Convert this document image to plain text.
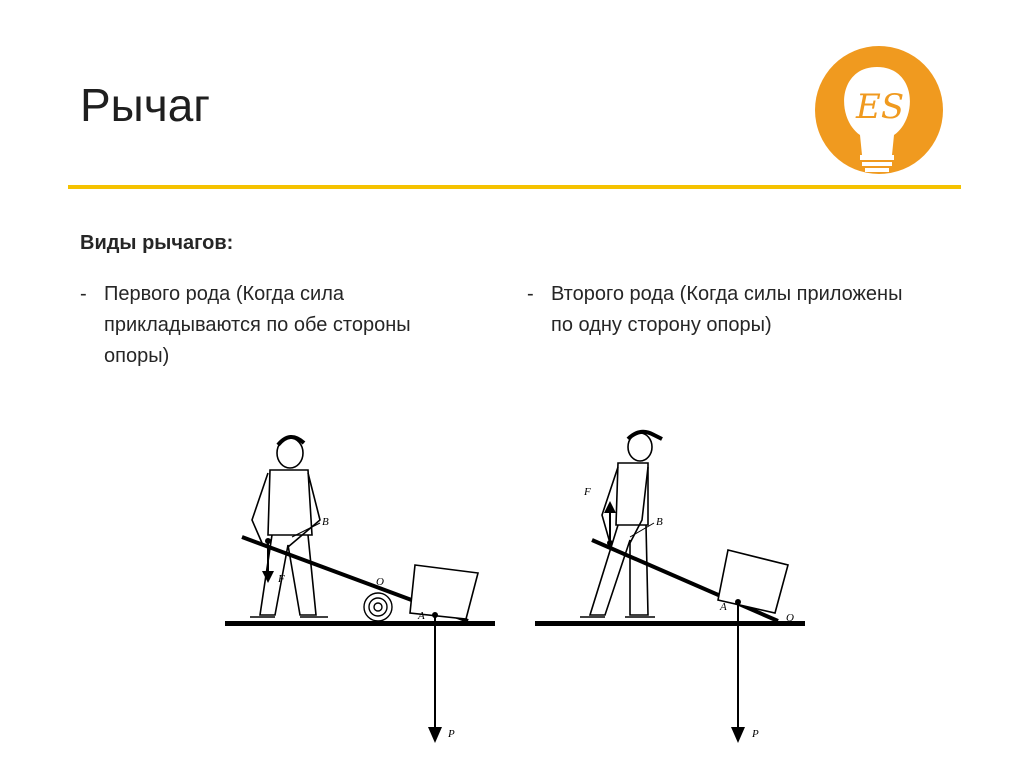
Рычаг	ES
Виды рычагов:
- Первого рода (Когда сила прикладываются по обе стороны опоры)
- Второго рода (Когда силы приложены по одну сторону опоры)
B
O
F
A
P
F
B
A
O
P
